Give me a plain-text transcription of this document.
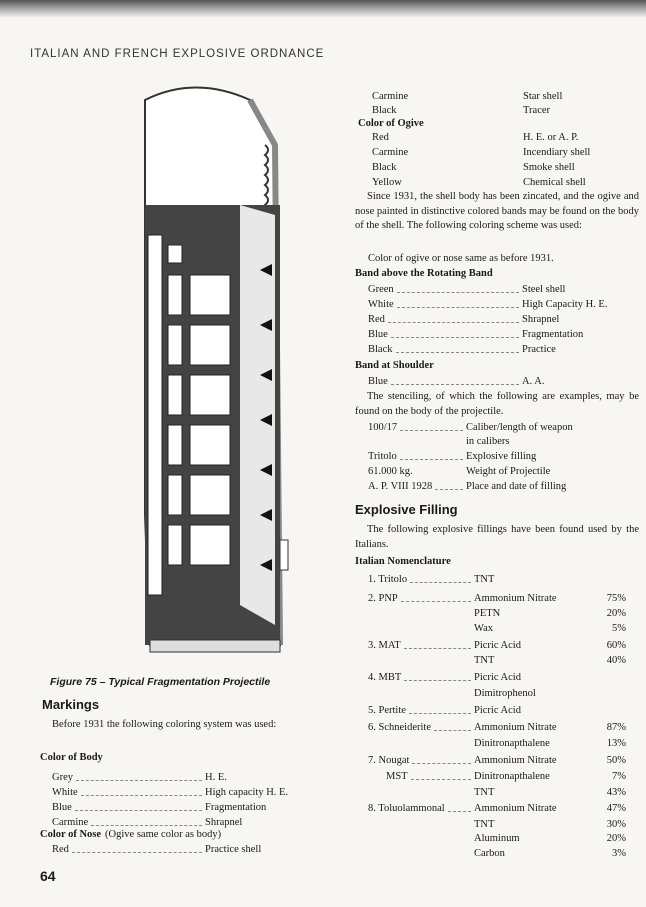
ITALIAN AND FRENCH EXPLOSIVE ORDNANCE
Figure 75 – Typical Fragmentation Projectile
Markings
Before 1931 the following coloring system was used:
Color of Body
Grey	H. E.
White	High capacity H. E.
Blue	Fragmentation
Carmine	Shrapnel
Color of Nose (Ogive same color as body)
Red	Practice shell
Carmine	Star shell
Black	Tracer
Color of Ogive
Red	H. E. or A. P.
Carmine	Incendiary shell
Black	Smoke shell
Yellow	Chemical shell
Since 1931, the shell body has been zincated, and the ogive and nose painted in distinctive colored bands may be found on the body of the shell. The following coloring scheme was used:
Color of ogive or nose same as before 1931.
Band above the Rotating Band
Green	Steel shell
White	High Capacity H. E.
Red	Shrapnel
Blue	Fragmentation
Black	Practice
Band at Shoulder
Blue	A. A.
The stenciling, of which the following are examples, may be found on the body of the projectile.
100/17	Caliber/length of weapon
in calibers
Tritolo	Explosive filling
61.000 kg.	Weight of Projectile
A. P. VIII 1928	Place and date of filling
Explosive Filling
The following explosive fillings have been found used by the Italians.
Italian Nomenclature
1. Tritolo	TNT
2. PNP	Ammonium Nitrate	75%
PETN	20%
Wax	5%
3. MAT	Picric Acid	60%
TNT	40%
4. MBT	Picric Acid
Dimitrophenol
5. Pertite	Picric Acid
6. Schneiderite	Ammonium Nitrate	87%
Dinitronapthalene	13%
7. Nougat	Ammonium Nitrate	50%
MST	Dinitronapthalene	7%
TNT	43%
8. Toluolammonal	Ammonium Nitrate	47%
TNT	30%
Aluminum	20%
Carbon	3%
64
